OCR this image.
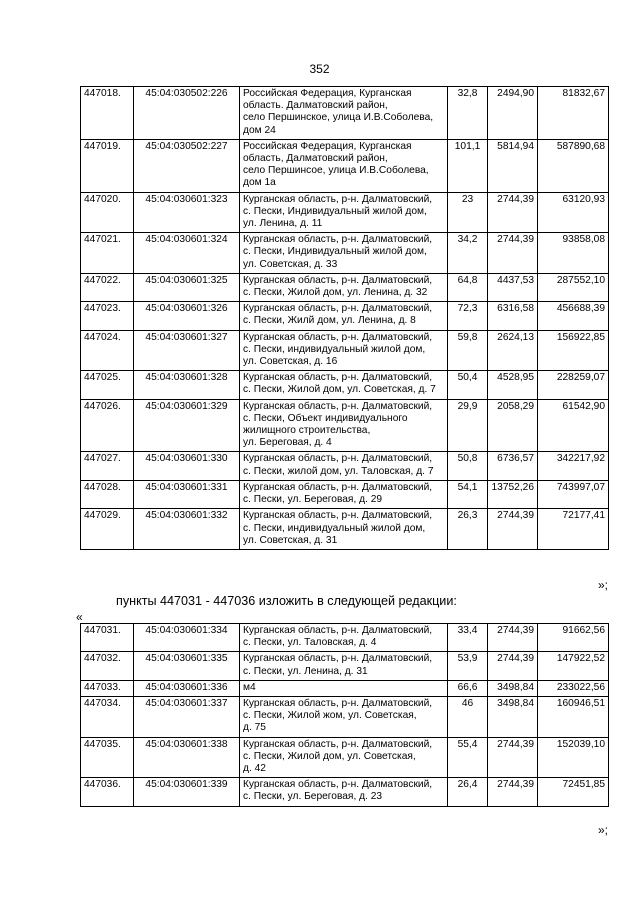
352
447018.	45:04:030502:226	Российская Федерация, Курганская
область. Далматовский район,
село Першинское, улица И.В.Соболева,
дом 24	32,8	2494,90	81832,67
447019.	45:04:030502:227	Российская Федерация, Курганская
область, Далматовский район,
село Першинсое, улица И.В.Соболева,
дом 1а	101,1	5814,94	587890,68
447020.	45:04:030601:323	Курганская область, р-н. Далматовский,
с. Пески, Индивидуальный жилой дом,
ул. Ленина, д. 11	23	2744,39	63120,93
447021.	45:04:030601:324	Курганская область, р-н. Далматовский,
с. Пески, Индивидуальный жилой дом,
ул. Советская, д. 33	34,2	2744,39	93858,08
447022.	45:04:030601:325	Курганская область, р-н. Далматовский,
с. Пески, Жилой дом, ул. Ленина, д. 32	64,8	4437,53	287552,10
447023.	45:04:030601:326	Курганская область, р-н. Далматовский,
с. Пески, Жилй дом, ул. Ленина, д. 8	72,3	6316,58	456688,39
447024.	45:04:030601:327	Курганская область, р-н. Далматовский,
с. Пески, индивидуальный жилой дом,
ул. Советская, д. 16	59,8	2624,13	156922,85
447025.	45:04:030601:328	Курганская область, р-н. Далматовский,
с. Пески, Жилой дом, ул. Советская, д. 7	50,4	4528,95	228259,07
447026.	45:04:030601:329	Курганская область, р-н. Далматовский,
с. Пески, Объект индивидуального
жилищного строительства,
ул. Береговая, д. 4	29,9	2058,29	61542,90
447027.	45:04:030601:330	Курганская область, р-н. Далматовский,
с. Пески, жилой дом, ул. Таловская, д. 7	50,8	6736,57	342217,92
447028.	45:04:030601:331	Курганская область, р-н. Далматовский,
с. Пески, ул. Береговая, д. 29	54,1	13752,26	743997,07
447029.	45:04:030601:332	Курганская область, р-н. Далматовский,
с. Пески, индивидуальный жилой дом,
ул. Советская, д. 31	26,3	2744,39	72177,41
»;
пункты 447031 - 447036 изложить в следующей редакции:
«
447031.	45:04:030601:334	Курганская область, р-н. Далматовский,
с. Пески, ул. Таловская, д. 4	33,4	2744,39	91662,56
447032.	45:04:030601:335	Курганская область, р-н. Далматовский,
с. Пески, ул. Ленина, д. 31	53,9	2744,39	147922,52
447033.	45:04:030601:336	м4	66,6	3498,84	233022,56
447034.	45:04:030601:337	Курганская область, р-н. Далматовский,
с. Пески, Жилой жом, ул. Советская,
д. 75	46	3498,84	160946,51
447035.	45:04:030601:338	Курганская область, р-н. Далматовский,
с. Пески, Жилой дом, ул. Советская,
д. 42	55,4	2744,39	152039,10
447036.	45:04:030601:339	Курганская область, р-н. Далматовский,
с. Пески, ул. Береговая, д. 23	26,4	2744,39	72451,85
»;
